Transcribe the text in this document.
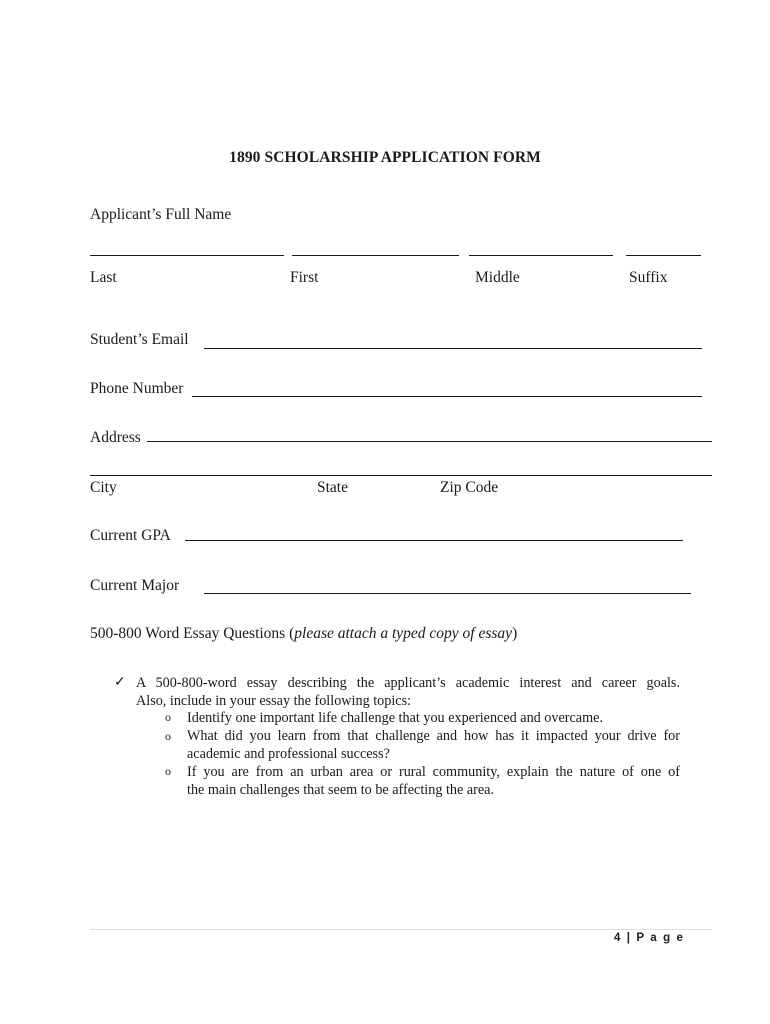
1890 SCHOLARSHIP APPLICATION FORM
Applicant’s Full Name
Last	First	Middle	Suffix
Student’s Email
Phone Number
Address
City	State	Zip Code
Current GPA
Current Major
500-800 Word Essay Questions (please attach a typed copy of essay)
✓ A 500-800-word essay describing the applicant’s academic interest and career goals.
Also, include in your essay the following topics:
o Identify one important life challenge that you experienced and overcame.
o What did you learn from that challenge and how has it impacted your drive for
academic and professional success?
o If you are from an urban area or rural community, explain the nature of one of
the main challenges that seem to be affecting the area.
4 | P a g e
